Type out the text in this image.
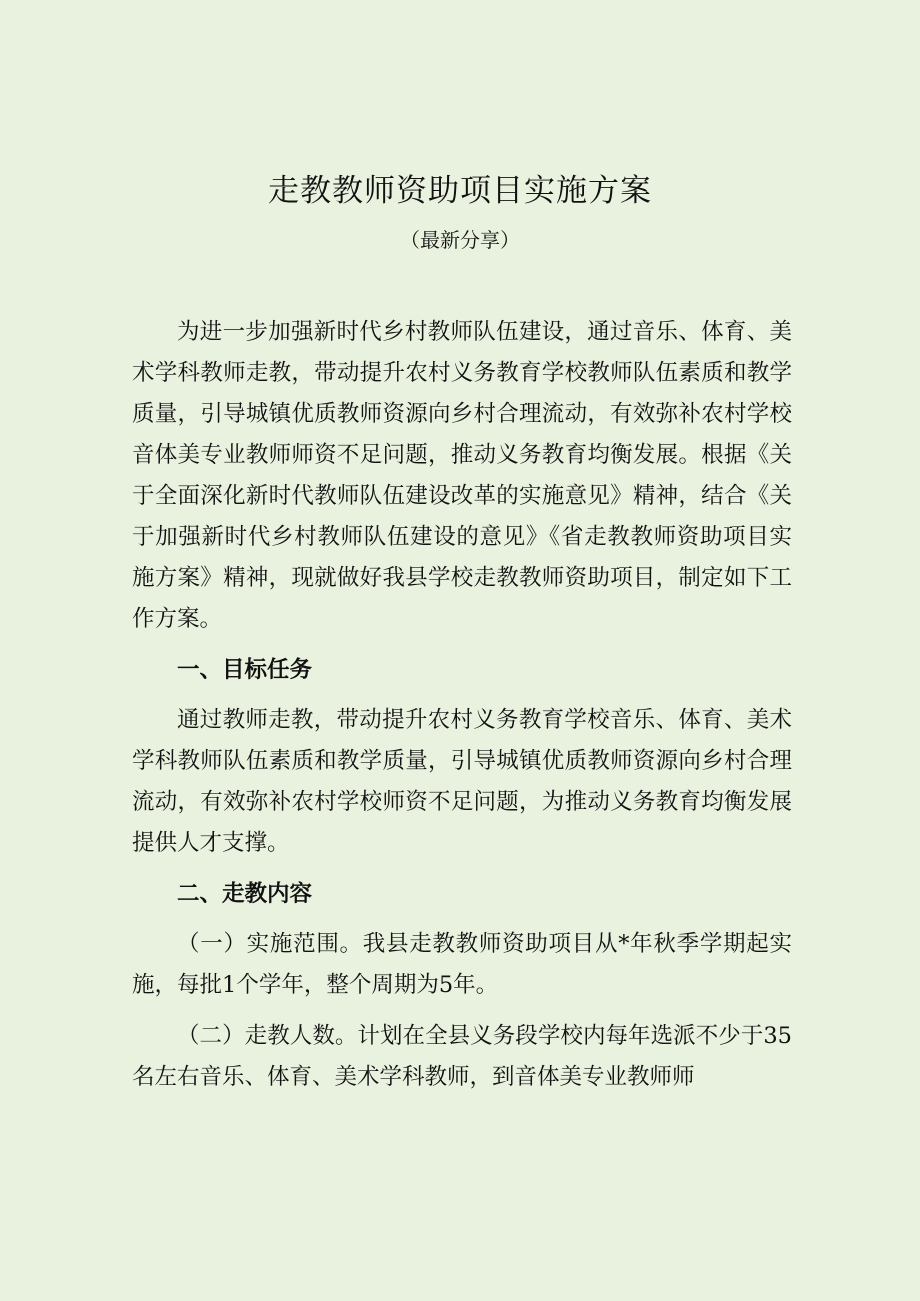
走教教师资助项目实施方案
（最新分享）

为进一步加强新时代乡村教师队伍建设，通过音乐、体育、美术学科教师走教，带动提升农村义务教育学校教师队伍素质和教学质量，引导城镇优质教师资源向乡村合理流动，有效弥补农村学校音体美专业教师师资不足问题，推动义务教育均衡发展。根据《关于全面深化新时代教师队伍建设改革的实施意见》精神，结合《关于加强新时代乡村教师队伍建设的意见》《省走教教师资助项目实施方案》精神，现就做好我县学校走教教师资助项目，制定如下工作方案。

一、目标任务

通过教师走教，带动提升农村义务教育学校音乐、体育、美术学科教师队伍素质和教学质量，引导城镇优质教师资源向乡村合理流动，有效弥补农村学校师资不足问题，为推动义务教育均衡发展提供人才支撑。

二、走教内容

（一）实施范围。我县走教教师资助项目从*年秋季学期起实施，每批1个学年，整个周期为5年。

（二）走教人数。计划在全县义务段学校内每年选派不少于35名左右音乐、体育、美术学科教师，到音体美专业教师师
